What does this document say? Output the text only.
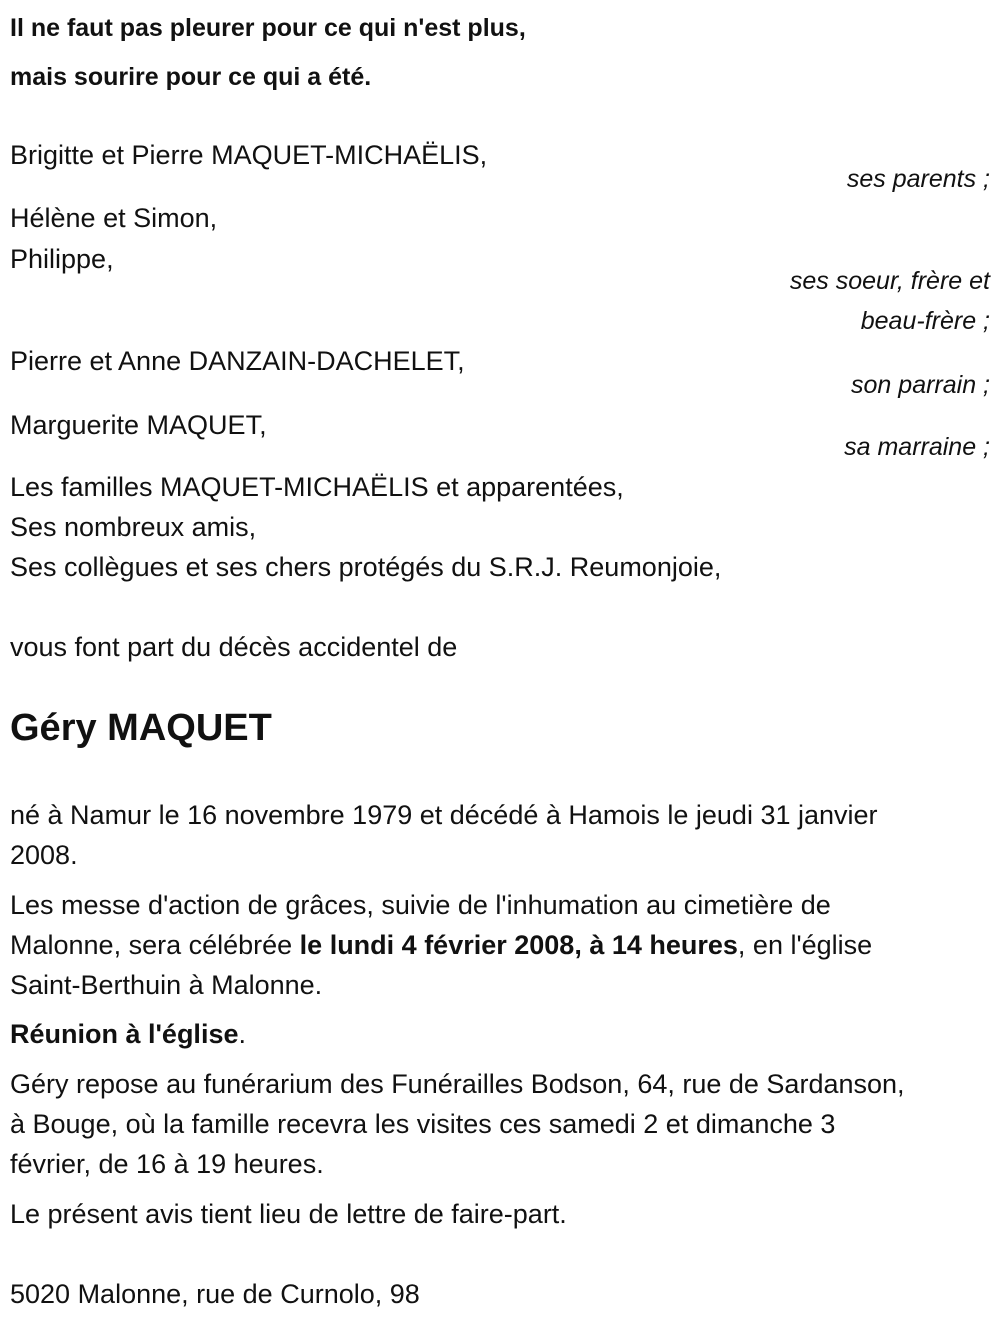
Il ne faut pas pleurer pour ce qui n'est plus,
mais sourire pour ce qui a été.
Brigitte et Pierre MAQUET-MICHAËLIS,
ses parents ;
Hélène et Simon,
Philippe,
ses soeur, frère et
beau-frère ;
Pierre et Anne DANZAIN-DACHELET,
son parrain ;
Marguerite MAQUET,
sa marraine ;
Les familles MAQUET-MICHAËLIS et apparentées,
Ses nombreux amis,
Ses collègues et ses chers protégés du S.R.J. Reumonjoie,
vous font part du décès accidentel de
Géry MAQUET
né à Namur le 16 novembre 1979 et décédé à Hamois le jeudi 31 janvier
2008.
Les messe d'action de grâces, suivie de l'inhumation au cimetière de
Malonne, sera célébrée le lundi 4 février 2008, à 14 heures, en l'église
Saint-Berthuin à Malonne.
Réunion à l'église.
Géry repose au funérarium des Funérailles Bodson, 64, rue de Sardanson,
à Bouge, où la famille recevra les visites ces samedi 2 et dimanche 3
février, de 16 à 19 heures.
Le présent avis tient lieu de lettre de faire-part.
5020 Malonne, rue de Curnolo, 98
